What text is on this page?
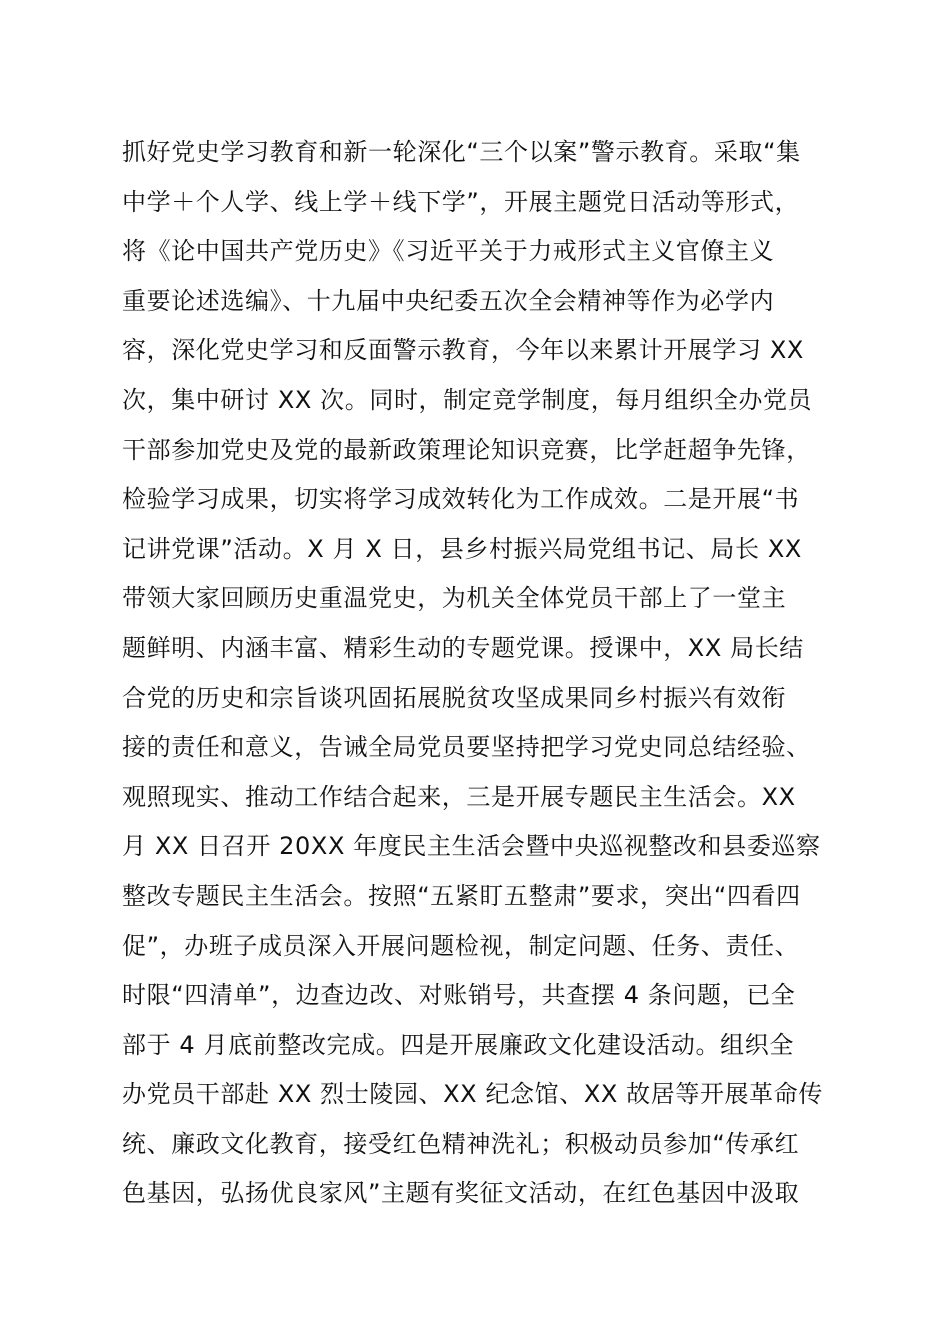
抓好党史学习教育和新一轮深化“三个以案”警示教育。采取“集
中学＋个人学、线上学＋线下学”，开展主题党日活动等形式，
将《论中国共产党历史》《习近平关于力戒形式主义官僚主义
重要论述选编》、十九届中央纪委五次全会精神等作为必学内
容，深化党史学习和反面警示教育，今年以来累计开展学习 XX
次，集中研讨 XX 次。同时，制定竞学制度，每月组织全办党员
干部参加党史及党的最新政策理论知识竞赛，比学赶超争先锋，
检验学习成果，切实将学习成效转化为工作成效。二是开展“书
记讲党课”活动。X 月 X 日，县乡村振兴局党组书记、局长 XX
带领大家回顾历史重温党史，为机关全体党员干部上了一堂主
题鲜明、内涵丰富、精彩生动的专题党课。授课中，XX 局长结
合党的历史和宗旨谈巩固拓展脱贫攻坚成果同乡村振兴有效衔
接的责任和意义，告诫全局党员要坚持把学习党史同总结经验、
观照现实、推动工作结合起来，三是开展专题民主生活会。XX
月 XX 日召开 20XX 年度民主生活会暨中央巡视整改和县委巡察
整改专题民主生活会。按照“五紧盯五整肃”要求，突出“四看四
促”，办班子成员深入开展问题检视，制定问题、任务、责任、
时限“四清单”，边查边改、对账销号，共查摆 4 条问题，已全
部于 4 月底前整改完成。四是开展廉政文化建设活动。组织全
办党员干部赴 XX 烈士陵园、XX 纪念馆、XX 故居等开展革命传
统、廉政文化教育，接受红色精神洗礼；积极动员参加“传承红
色基因，弘扬优良家风”主题有奖征文活动，在红色基因中汲取
